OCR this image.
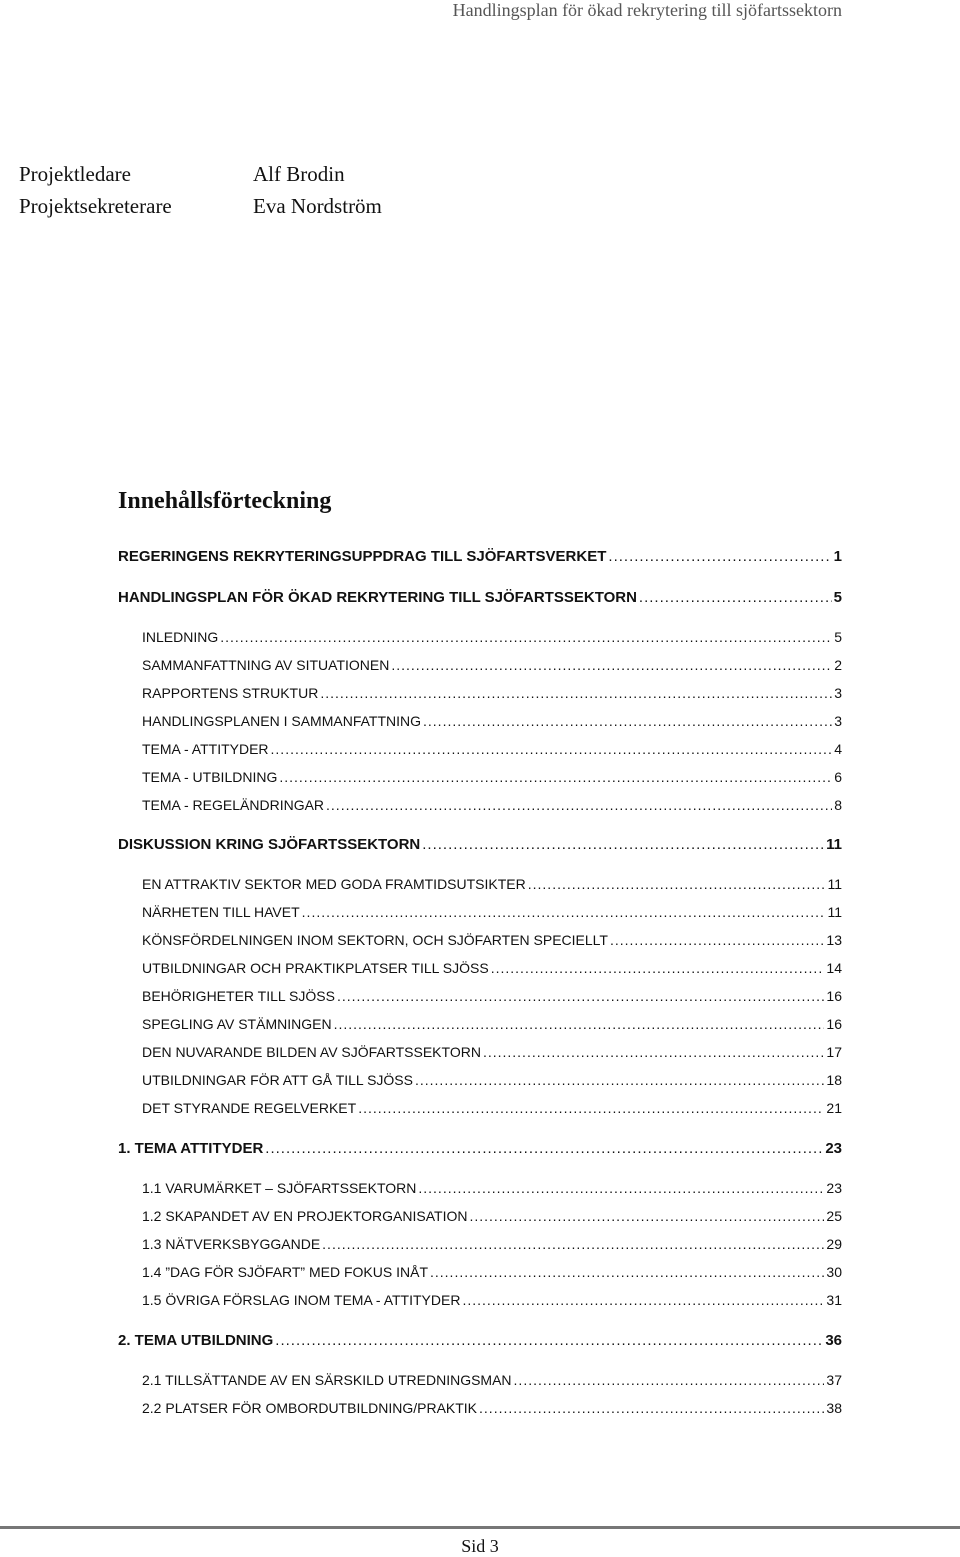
Handlingsplan för ökad rekrytering till sjöfartssektorn
Projektledare	Alf Brodin
Projektsekreterare	Eva Nordström
Innehållsförteckning
REGERINGENS REKRYTERINGSUPPDRAG TILL SJÖFARTSVERKET .....	1
HANDLINGSPLAN FÖR ÖKAD REKRYTERING TILL SJÖFARTSSEKTORN .....	5
INLEDNING .....	5
SAMMANFATTNING AV SITUATIONEN .....	2
RAPPORTENS STRUKTUR .....	3
HANDLINGSPLANEN I SAMMANFATTNING .....	3
TEMA - ATTITYDER .....	4
TEMA - UTBILDNING .....	6
TEMA - REGELÄNDRINGAR .....	8
DISKUSSION KRING SJÖFARTSSEKTORN .....	11
EN ATTRAKTIV SEKTOR MED GODA FRAMTIDSUTSIKTER .....	11
NÄRHETEN TILL HAVET .....	11
KÖNSFÖRDELNINGEN INOM SEKTORN, OCH SJÖFARTEN SPECIELLT .....	13
UTBILDNINGAR OCH PRAKTIKPLATSER TILL SJÖSS .....	14
BEHÖRIGHETER TILL SJÖSS .....	16
SPEGLING AV STÄMNINGEN .....	16
DEN NUVARANDE BILDEN AV SJÖFARTSSEKTORN .....	17
UTBILDNINGAR FÖR ATT GÅ TILL SJÖSS .....	18
DET STYRANDE REGELVERKET .....	21
1. TEMA ATTITYDER .....	23
1.1 VARUMÄRKET – SJÖFARTSSEKTORN .....	23
1.2 SKAPANDET AV EN PROJEKTORGANISATION .....	25
1.3 NÄTVERKSBYGGANDE .....	29
1.4 ”DAG FÖR SJÖFART” MED FOKUS INÅT .....	30
1.5 ÖVRIGA FÖRSLAG INOM TEMA - ATTITYDER .....	31
2. TEMA UTBILDNING .....	36
2.1 TILLSÄTTANDE AV EN SÄRSKILD UTREDNINGSMAN .....	37
2.2 PLATSER FÖR OMBORDUTBILDNING/PRAKTIK .....	38
Sid 3
